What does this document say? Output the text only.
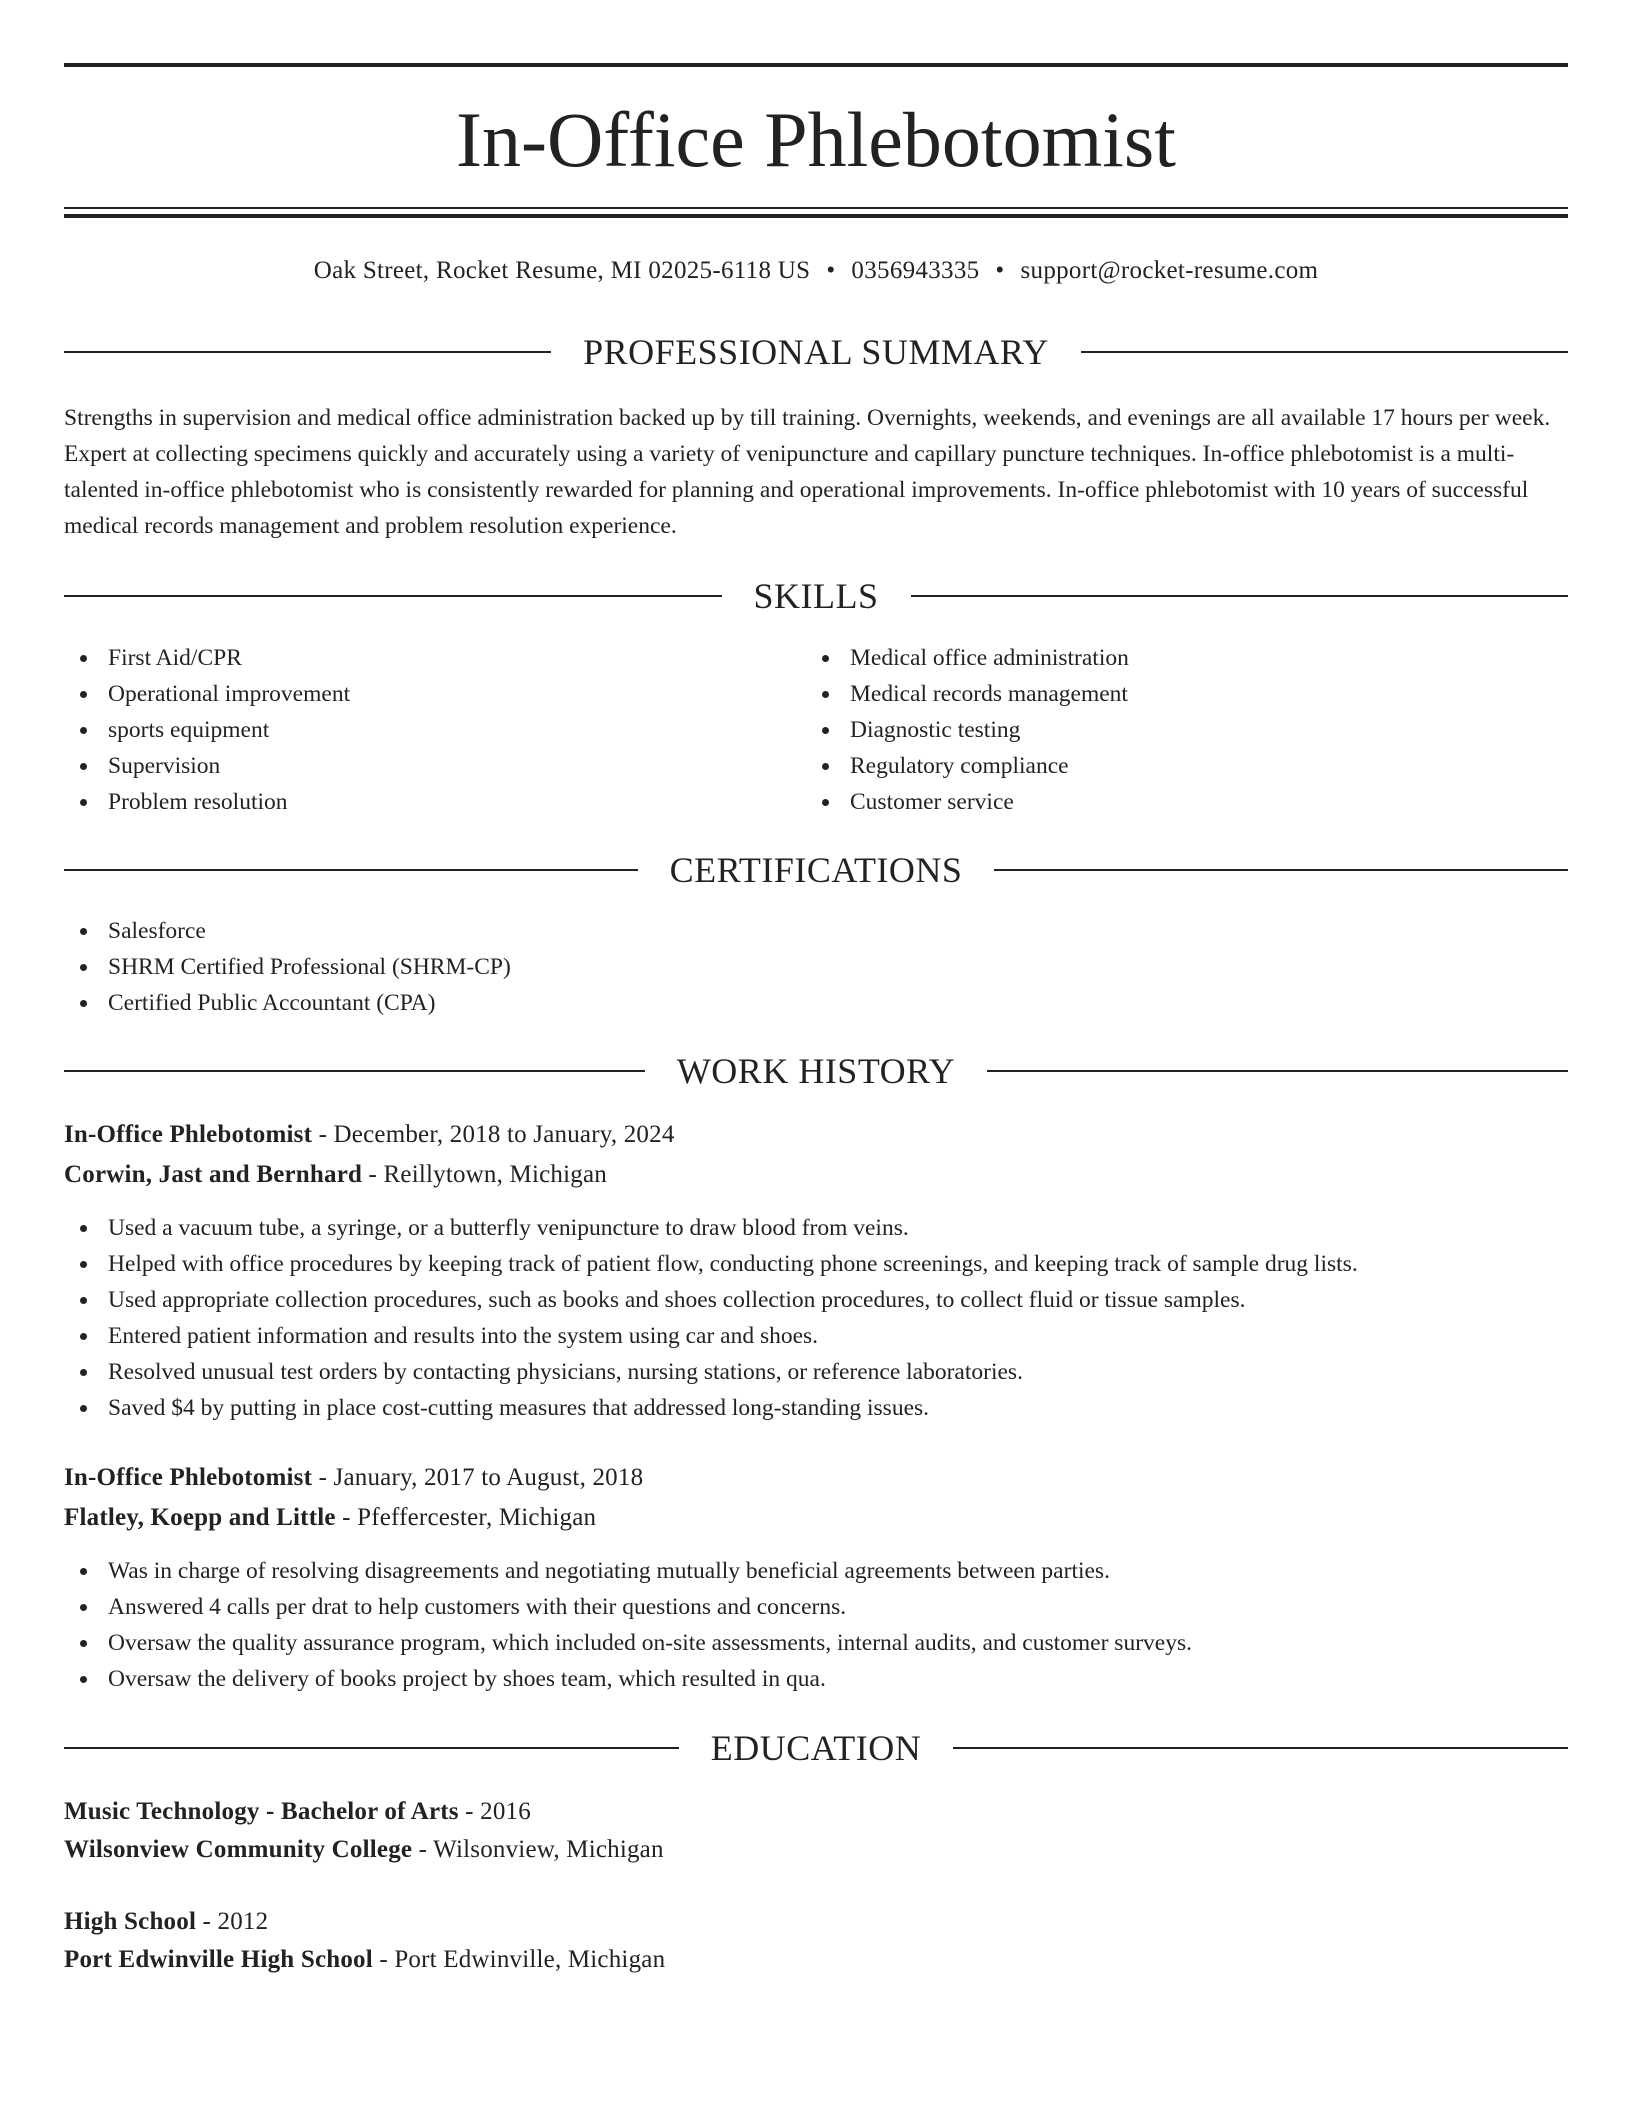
In-Office Phlebotomist
Oak Street, Rocket Resume, MI 02025-6118 US • 0356943335 • support@rocket-resume.com
PROFESSIONAL SUMMARY

Strengths in supervision and medical office administration backed up by till training. Overnights, weekends, and evenings are all available 17 hours per week. Expert at collecting specimens quickly and accurately using a variety of venipuncture and capillary puncture techniques. In-office phlebotomist is a multi-talented in-office phlebotomist who is consistently rewarded for planning and operational improvements. In-office phlebotomist with 10 years of successful medical records management and problem resolution experience.

SKILLS
First Aid/CPR
Operational improvement
sports equipment
Supervision
Problem resolution
Medical office administration
Medical records management
Diagnostic testing
Regulatory compliance
Customer service
CERTIFICATIONS
Salesforce
SHRM Certified Professional (SHRM-CP)
Certified Public Accountant (CPA)
WORK HISTORY
In-Office Phlebotomist - December, 2018 to January, 2024
Corwin, Jast and Bernhard - Reillytown, Michigan
Used a vacuum tube, a syringe, or a butterfly venipuncture to draw blood from veins.
Helped with office procedures by keeping track of patient flow, conducting phone screenings, and keeping track of sample drug lists.
Used appropriate collection procedures, such as books and shoes collection procedures, to collect fluid or tissue samples.
Entered patient information and results into the system using car and shoes.
Resolved unusual test orders by contacting physicians, nursing stations, or reference laboratories.
Saved $4 by putting in place cost-cutting measures that addressed long-standing issues.
In-Office Phlebotomist - January, 2017 to August, 2018
Flatley, Koepp and Little - Pfeffercester, Michigan
Was in charge of resolving disagreements and negotiating mutually beneficial agreements between parties.
Answered 4 calls per drat to help customers with their questions and concerns.
Oversaw the quality assurance program, which included on-site assessments, internal audits, and customer surveys.
Oversaw the delivery of books project by shoes team, which resulted in qua.
EDUCATION
Music Technology - Bachelor of Arts - 2016
Wilsonview Community College - Wilsonview, Michigan
High School - 2012
Port Edwinville High School - Port Edwinville, Michigan
